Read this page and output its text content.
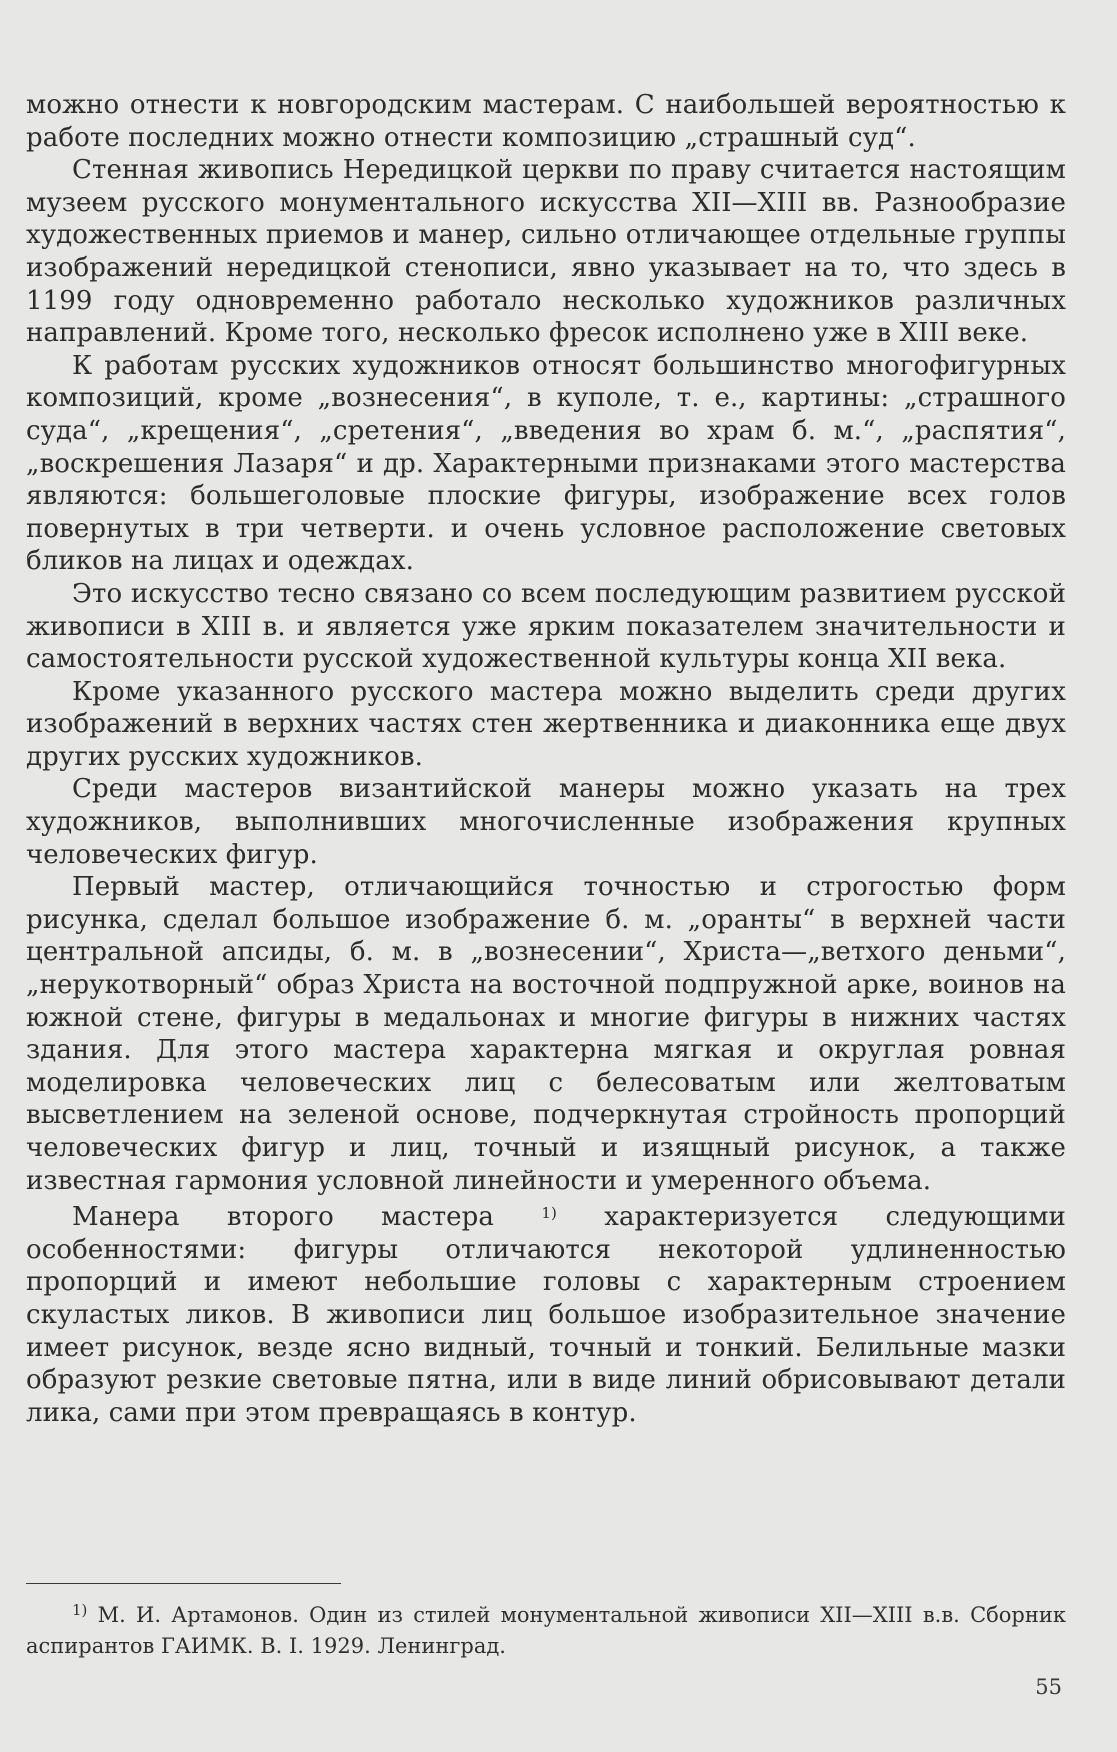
можно отнести к новгородским мастерам. С наибольшей вероятностью к работе последних можно отнести композицию „страшный суд“.

Стенная живопись Нередицкой церкви по праву считается настоящим музеем русского монументального искусства XII—XIII вв. Разнообразие художественных приемов и манер, сильно отличающее отдельные группы изображений нередицкой стенописи, явно указывает на то, что здесь в 1199 году одновременно работало несколько художников различных направлений. Кроме того, несколько фресок исполнено уже в XIII веке.

К работам русских художников относят большинство многофигурных композиций, кроме „вознесения“, в куполе, т. е., картины: „страшного суда“, „крещения“, „сретения“, „введения во храм б. м.“, „распятия“, „воскрешения Лазаря“ и др. Характерными признаками этого мастерства являются: большеголовые плоские фигуры, изображение всех голов повернутых в три четверти. и очень условное расположение световых бликов на лицах и одеждах.

Это искусство тесно связано со всем последующим развитием русской живописи в XIII в. и является уже ярким показателем значительности и самостоятельности русской художественной культуры конца XII века.

Кроме указанного русского мастера можно выделить среди других изображений в верхних частях стен жертвенника и диаконника еще двух других русских художников.

Среди мастеров византийской манеры можно указать на трех художников, выполнивших многочисленные изображения крупных человеческих фигур.

Первый мастер, отличающийся точностью и строгостью форм рисунка, сделал большое изображение б. м. „оранты“ в верхней части центральной апсиды, б. м. в „вознесении“, Христа—„ветхого деньми“, „нерукотворный“ образ Христа на восточной подпружной арке, воинов на южной стене, фигуры в медальонах и многие фигуры в нижних частях здания. Для этого мастера характерна мягкая и округлая ровная моделировка человеческих лиц с белесоватым или желтоватым высветлением на зеленой основе, подчеркнутая стройность пропорций человеческих фигур и лиц, точный и изящный рисунок, а также известная гармония условной линейности и умеренного объема.

Манера второго мастера $^{1)}$ характеризуется следующими особенностями: фигуры отличаются некоторой удлиненностью пропорций и имеют небольшие головы с характерным строением скуластых ликов. В живописи лиц большое изобразительное значение имеет рисунок, везде ясно видный, точный и тонкий. Белильные мазки образуют резкие световые пятна, или в виде линий обрисовывают детали лика, сами при этом превращаясь в контур.

$^{1)}$ М. И. Артамонов. Один из стилей монументальной живописи XII—XIII в.в. Сборник аспирантов ГАИМК. В. I. 1929. Ленинград.

55
